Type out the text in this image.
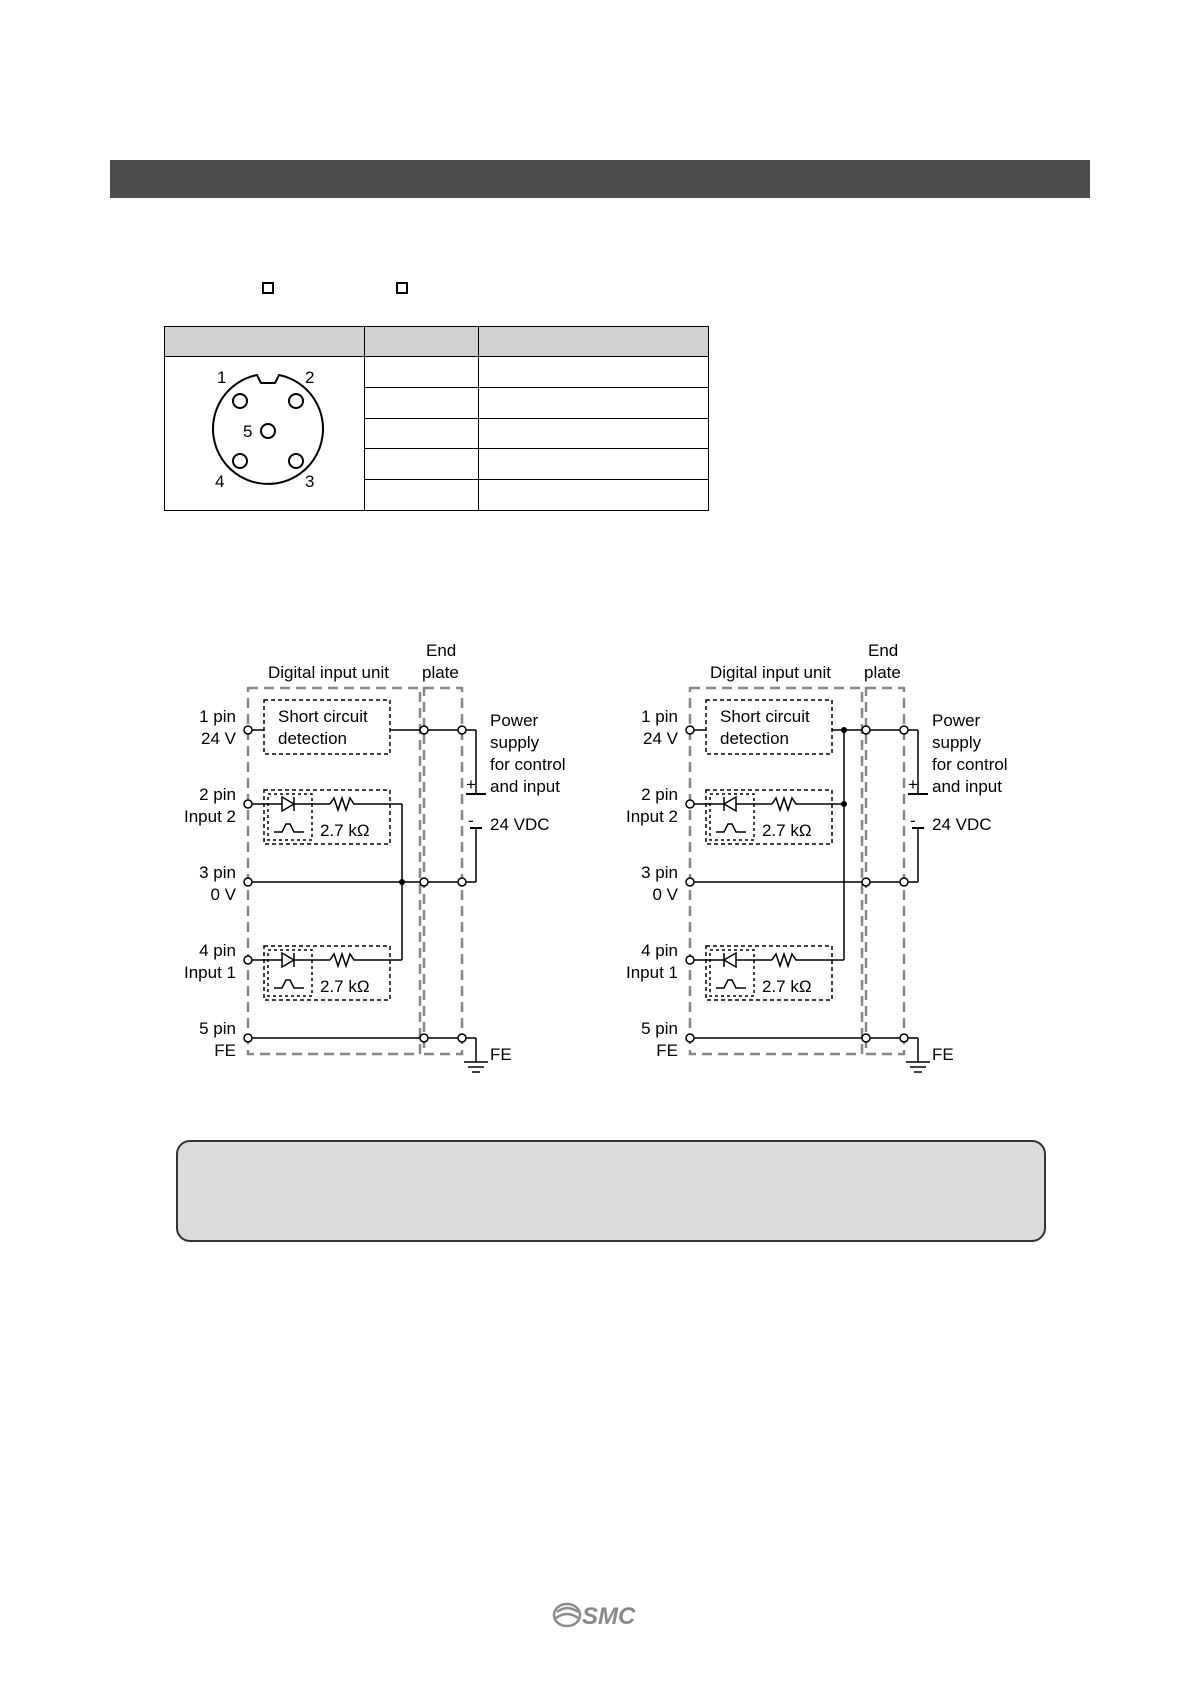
1 2
5
4 3		

Digital input unit
End
plate
1 pin
24 V
2 pin
Input 2
3 pin
0 V
4 pin
Input 1
5 pin
FE
Short circuit
detection
2.7 kΩ
2.7 kΩ
Power
supply
for control
and input
+
- 24 VDC
FE
Digital input unit
End
plate
1 pin
24 V
2 pin
Input 2
3 pin
0 V
4 pin
Input 1
5 pin
FE
Short circuit
detection
2.7 kΩ
2.7 kΩ
Power
supply
for control
and input
+
- 24 VDC
FE
SMC
